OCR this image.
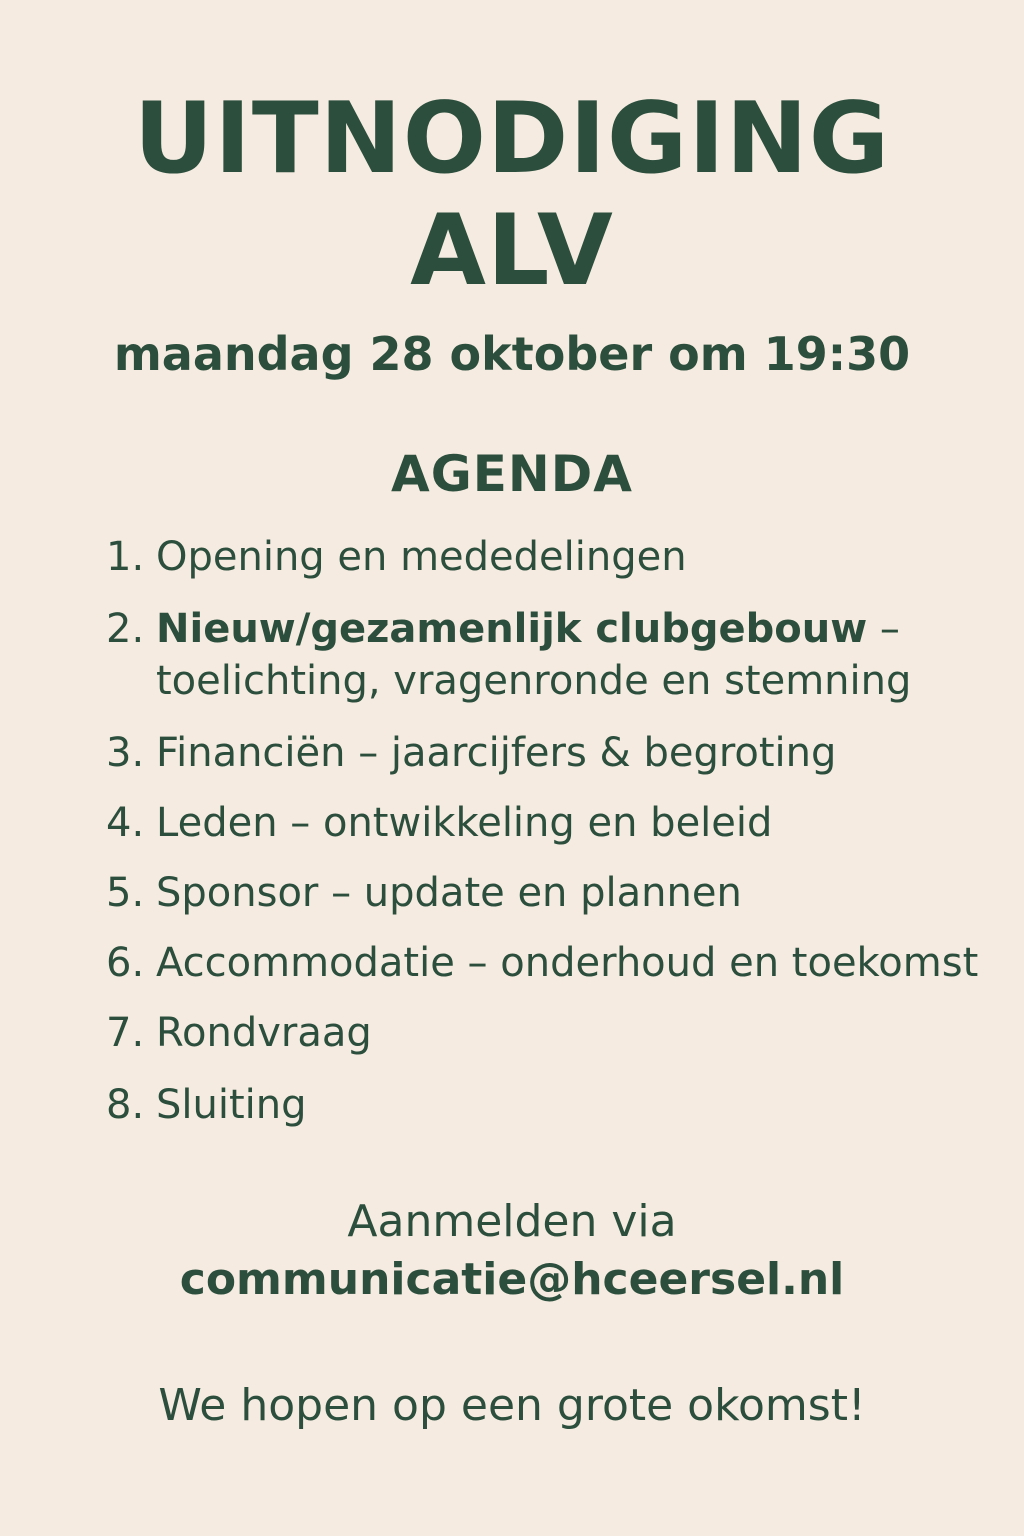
UITNODIGING
ALV
maandag 28 oktober om 19:30
AGENDA
1. Opening en mededelingen
2. Nieuw/gezamenlijk clubgebouw –
toelichting, vragenronde en stemning
3. Financiën – jaarcijfers & begroting
4. Leden – ontwikkeling en beleid
5. Sponsor – update en plannen
6. Accommodatie – onderhoud en toekomst
7. Rondvraag
8. Sluiting
Aanmelden via
communicatie@hceersel.nl
We hopen op een grote okomst!
